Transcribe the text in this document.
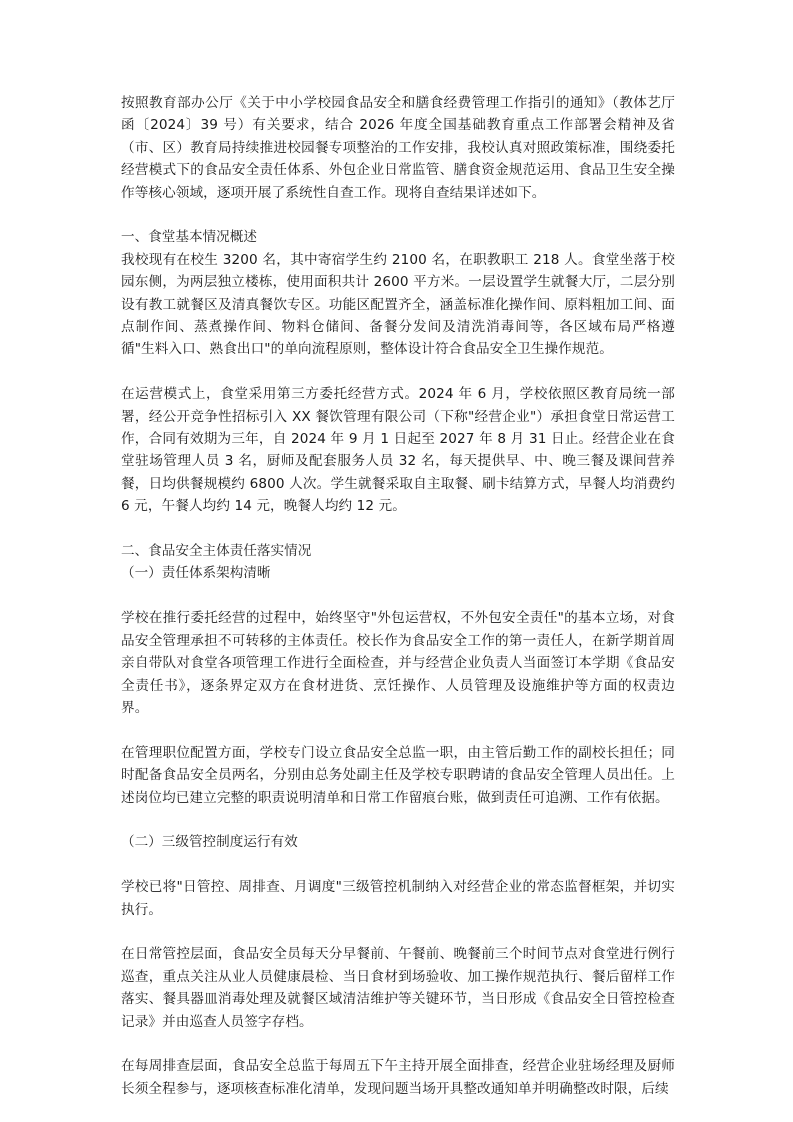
按照教育部办公厅《关于中小学校园食品安全和膳食经费管理工作指引的通知》（教体艺厅函〔2024〕39 号）有关要求，结合 2026 年度全国基础教育重点工作部署会精神及省（市、区）教育局持续推进校园餐专项整治的工作安排，我校认真对照政策标准，围绕委托经营模式下的食品安全责任体系、外包企业日常监管、膳食资金规范运用、食品卫生安全操作等核心领域，逐项开展了系统性自查工作。现将自查结果详述如下。

一、食堂基本情况概述

我校现有在校生 3200 名，其中寄宿学生约 2100 名，在职教职工 218 人。食堂坐落于校园东侧，为两层独立楼栋，使用面积共计 2600 平方米。一层设置学生就餐大厅，二层分别设有教工就餐区及清真餐饮专区。功能区配置齐全，涵盖标准化操作间、原料粗加工间、面点制作间、蒸煮操作间、物料仓储间、备餐分发间及清洗消毒间等，各区域布局严格遵循"生料入口、熟食出口"的单向流程原则，整体设计符合食品安全卫生操作规范。

在运营模式上，食堂采用第三方委托经营方式。2024 年 6 月，学校依照区教育局统一部署，经公开竞争性招标引入 XX 餐饮管理有限公司（下称"经营企业"）承担食堂日常运营工作，合同有效期为三年，自 2024 年 9 月 1 日起至 2027 年 8 月 31 日止。经营企业在食堂驻场管理人员 3 名，厨师及配套服务人员 32 名，每天提供早、中、晚三餐及课间营养餐，日均供餐规模约 6800 人次。学生就餐采取自主取餐、刷卡结算方式，早餐人均消费约 6 元，午餐人均约 14 元，晚餐人均约 12 元。

二、食品安全主体责任落实情况

（一）责任体系架构清晰

学校在推行委托经营的过程中，始终坚守"外包运营权，不外包安全责任"的基本立场，对食品安全管理承担不可转移的主体责任。校长作为食品安全工作的第一责任人，在新学期首周亲自带队对食堂各项管理工作进行全面检查，并与经营企业负责人当面签订本学期《食品安全责任书》，逐条界定双方在食材进货、烹饪操作、人员管理及设施维护等方面的权责边界。

在管理职位配置方面，学校专门设立食品安全总监一职，由主管后勤工作的副校长担任；同时配备食品安全员两名，分别由总务处副主任及学校专职聘请的食品安全管理人员出任。上述岗位均已建立完整的职责说明清单和日常工作留痕台账，做到责任可追溯、工作有依据。

（二）三级管控制度运行有效

学校已将"日管控、周排查、月调度"三级管控机制纳入对经营企业的常态监督框架，并切实执行。

在日常管控层面，食品安全员每天分早餐前、午餐前、晚餐前三个时间节点对食堂进行例行巡查，重点关注从业人员健康晨检、当日食材到场验收、加工操作规范执行、餐后留样工作落实、餐具器皿消毒处理及就餐区域清洁维护等关键环节，当日形成《食品安全日管控检查记录》并由巡查人员签字存档。

在每周排查层面，食品安全总监于每周五下午主持开展全面排查，经营企业驻场经理及厨师长须全程参与，逐项核查标准化清单，发现问题当场开具整改通知单并明确整改时限，后续
